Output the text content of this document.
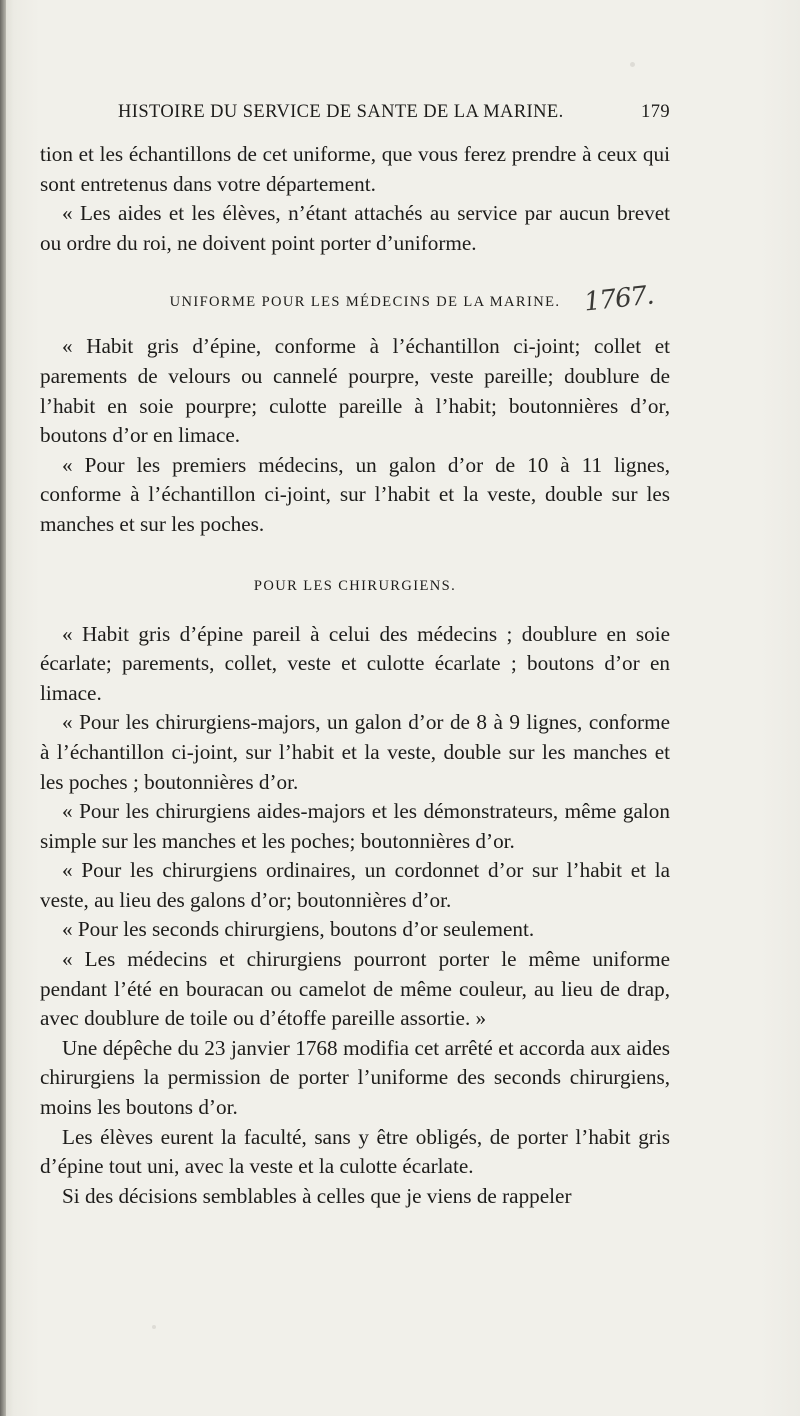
HISTOIRE DU SERVICE DE SANTE DE LA MARINE.	179
1767.

tion et les échantillons de cet uniforme, que vous ferez prendre à ceux qui sont entretenus dans votre département.

« Les aides et les élèves, n’étant attachés au service par aucun brevet ou ordre du roi, ne doivent point porter d’uniforme.

UNIFORME POUR LES MÉDECINS DE LA MARINE.

« Habit gris d’épine, conforme à l’échantillon ci-joint; collet et parements de velours ou cannelé pourpre, veste pareille; doublure de l’habit en soie pourpre; culotte pareille à l’habit; boutonnières d’or, boutons d’or en limace.

« Pour les premiers médecins, un galon d’or de 10 à 11 lignes, conforme à l’échantillon ci-joint, sur l’habit et la veste, double sur les manches et sur les poches.

POUR LES CHIRURGIENS.

« Habit gris d’épine pareil à celui des médecins ; doublure en soie écarlate; parements, collet, veste et culotte écarlate ; boutons d’or en limace.

« Pour les chirurgiens-majors, un galon d’or de 8 à 9 lignes, conforme à l’échantillon ci-joint, sur l’habit et la veste, double sur les manches et les poches ; boutonnières d’or.

« Pour les chirurgiens aides-majors et les démonstrateurs, même galon simple sur les manches et les poches; boutonnières d’or.

« Pour les chirurgiens ordinaires, un cordonnet d’or sur l’habit et la veste, au lieu des galons d’or; boutonnières d’or.

« Pour les seconds chirurgiens, boutons d’or seulement.

« Les médecins et chirurgiens pourront porter le même uniforme pendant l’été en bouracan ou camelot de même couleur, au lieu de drap, avec doublure de toile ou d’étoffe pareille assortie. »

Une dépêche du 23 janvier 1768 modifia cet arrêté et accorda aux aides chirurgiens la permission de porter l’uniforme des seconds chirurgiens, moins les boutons d’or.

Les élèves eurent la faculté, sans y être obligés, de porter l’habit gris d’épine tout uni, avec la veste et la culotte écarlate.

Si des décisions semblables à celles que je viens de rappeler
